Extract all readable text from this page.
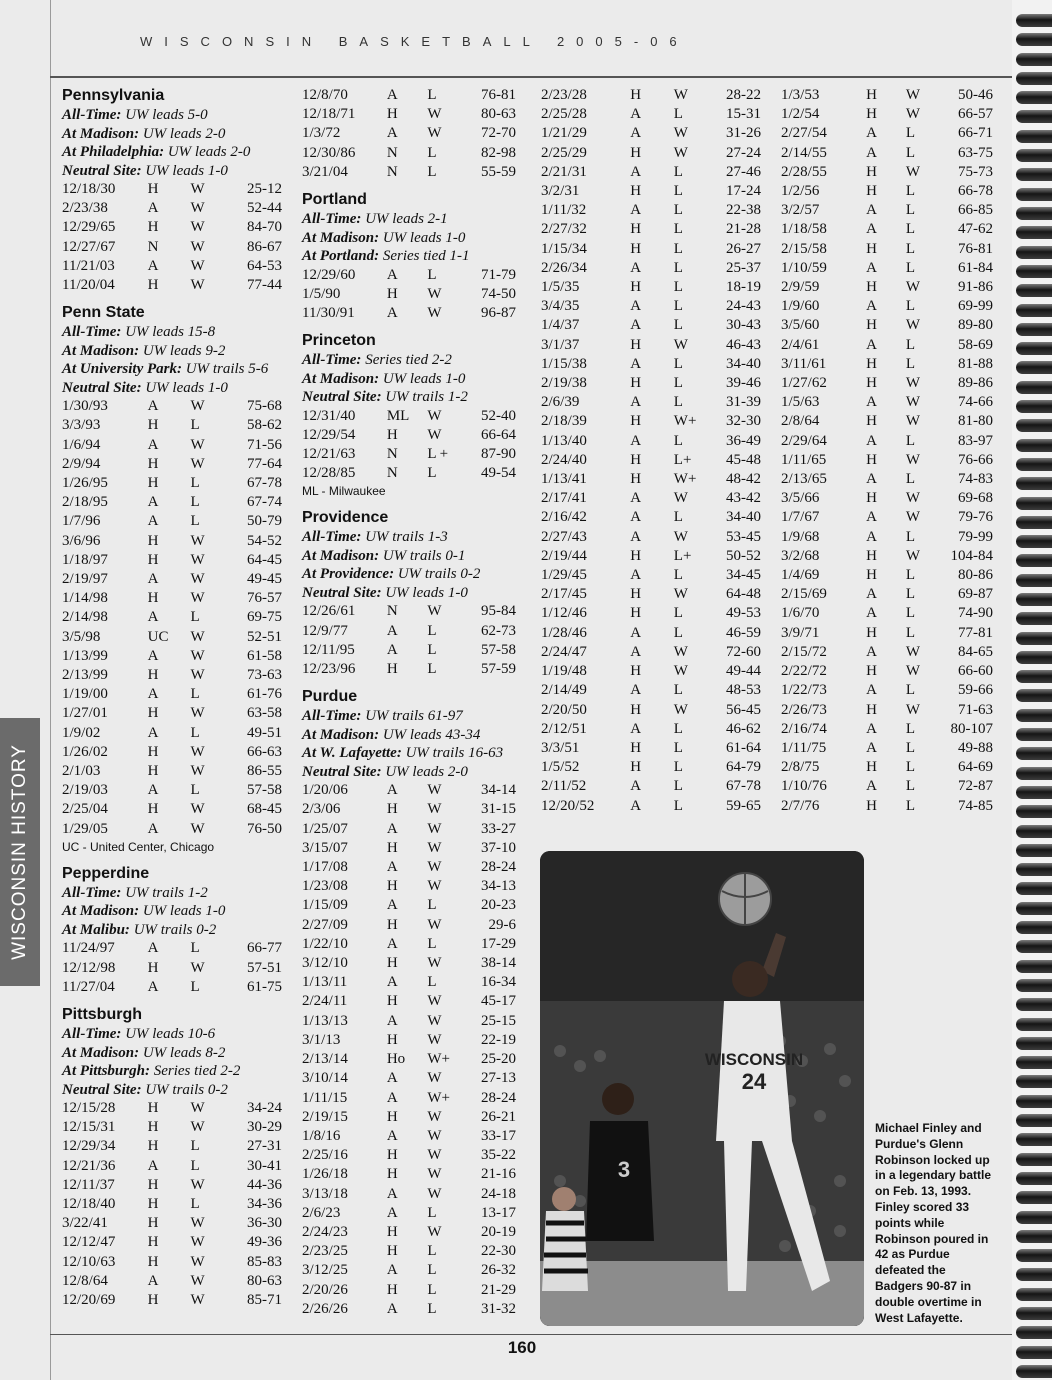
WISCONSIN BASKETBALL 2005-06
WISCONSIN HISTORY
Pennsylvania
All-Time: UW leads 5-0
At Madison: UW leads 2-0
At Philadelphia: UW leads 2-0
Neutral Site: UW leads 1-0
12/18/30	H	W	25-12
2/23/38	A	W	52-44
12/29/65	H	W	84-70
12/27/67	N	W	86-67
11/21/03	A	W	64-53
11/20/04	H	W	77-44
Penn State
All-Time: UW leads 15-8
At Madison: UW leads 9-2
At University Park: UW trails 5-6
Neutral Site: UW leads 1-0
1/30/93	A	W	75-68
3/3/93	H	L	58-62
1/6/94	A	W	71-56
2/9/94	H	W	77-64
1/26/95	H	L	67-78
2/18/95	A	L	67-74
1/7/96	A	L	50-79
3/6/96	H	W	54-52
1/18/97	H	W	64-45
2/19/97	A	W	49-45
1/14/98	H	W	76-57
2/14/98	A	L	69-75
3/5/98	UC	W	52-51
1/13/99	A	W	61-58
2/13/99	H	W	73-63
1/19/00	A	L	61-76
1/27/01	H	W	63-58
1/9/02	A	L	49-51
1/26/02	H	W	66-63
2/1/03	H	W	86-55
2/19/03	A	L	57-58
2/25/04	H	W	68-45
1/29/05	A	W	76-50
UC - United Center, Chicago
Pepperdine
All-Time: UW trails 1-2
At Madison: UW leads 1-0
At Malibu: UW trails 0-2
11/24/97	A	L	66-77
12/12/98	H	W	57-51
11/27/04	A	L	61-75
Pittsburgh
All-Time: UW leads 10-6
At Madison: UW leads 8-2
At Pittsburgh: Series tied 2-2
Neutral Site: UW trails 0-2
12/15/28	H	W	34-24
12/15/31	H	W	30-29
12/29/34	H	L	27-31
12/21/36	A	L	30-41
12/11/37	H	W	44-36
12/18/40	H	L	34-36
3/22/41	H	W	36-30
12/12/47	H	W	49-36
12/10/63	H	W	85-83
12/8/64	A	W	80-63
12/20/69	H	W	85-71
12/8/70	A	L	76-81
12/18/71	H	W	80-63
1/3/72	A	W	72-70
12/30/86	N	L	82-98
3/21/04	N	L	55-59
Portland
All-Time: UW leads 2-1
At Madison: UW leads 1-0
At Portland: Series tied 1-1
12/29/60	A	L	71-79
1/5/90	H	W	74-50
11/30/91	A	W	96-87
Princeton
All-Time: Series tied 2-2
At Madison: UW leads 1-0
Neutral Site: UW trails 1-2
12/31/40	ML	W	52-40
12/29/54	H	W	66-64
12/21/63	N	L +	87-90
12/28/85	N	L	49-54
ML - Milwaukee
Providence
All-Time: UW trails 1-3
At Madison: UW trails 0-1
At Providence: UW trails 0-2
Neutral Site: UW leads 1-0
12/26/61	N	W	95-84
12/9/77	A	L	62-73
12/11/95	A	L	57-58
12/23/96	H	L	57-59
Purdue
All-Time: UW trails 61-97
At Madison: UW leads 43-34
At W. Lafayette: UW trails 16-63
Neutral Site: UW leads 2-0
1/20/06	A	W	34-14
2/3/06	H	W	31-15
1/25/07	A	W	33-27
3/15/07	H	W	37-10
1/17/08	A	W	28-24
1/23/08	H	W	34-13
1/15/09	A	L	20-23
2/27/09	H	W	29-6
1/22/10	A	L	17-29
3/12/10	H	W	38-14
1/13/11	A	L	16-34
2/24/11	H	W	45-17
1/13/13	A	W	25-15
3/1/13	H	W	22-19
2/13/14	Ho	W+	25-20
3/10/14	A	W	27-13
1/11/15	A	W+	28-24
2/19/15	H	W	26-21
1/8/16	A	W	33-17
2/25/16	H	W	35-22
1/26/18	H	W	21-16
3/13/18	A	W	24-18
2/6/23	A	L	13-17
2/24/23	H	W	20-19
2/23/25	H	L	22-30
3/12/25	A	L	26-32
2/20/26	H	L	21-29
2/26/26	A	L	31-32
2/23/28	H	W	28-22
2/25/28	A	L	15-31
1/21/29	A	W	31-26
2/25/29	H	W	27-24
2/21/31	A	L	27-46
3/2/31	H	L	17-24
1/11/32	A	L	22-38
2/27/32	H	L	21-28
1/15/34	H	L	26-27
2/26/34	A	L	25-37
1/5/35	H	L	18-19
3/4/35	A	L	24-43
1/4/37	A	L	30-43
3/1/37	H	W	46-43
1/15/38	A	L	34-40
2/19/38	H	L	39-46
2/6/39	A	L	31-39
2/18/39	H	W+	32-30
1/13/40	A	L	36-49
2/24/40	H	L+	45-48
1/13/41	H	W+	48-42
2/17/41	A	W	43-42
2/16/42	A	L	34-40
2/27/43	A	W	53-45
2/19/44	H	L+	50-52
1/29/45	A	L	34-45
2/17/45	H	W	64-48
1/12/46	H	L	49-53
1/28/46	A	L	46-59
2/24/47	A	W	72-60
1/19/48	H	W	49-44
2/14/49	A	L	48-53
2/20/50	H	W	56-45
2/12/51	A	L	46-62
3/3/51	H	L	61-64
1/5/52	H	L	64-79
2/11/52	A	L	67-78
12/20/52	A	L	59-65
1/3/53	H	W	50-46
1/2/54	H	W	66-57
2/27/54	A	L	66-71
2/14/55	A	L	63-75
2/28/55	H	W	75-73
1/2/56	H	L	66-78
3/2/57	A	L	66-85
1/18/58	A	L	47-62
2/15/58	H	L	76-81
1/10/59	A	L	61-84
2/9/59	H	W	91-86
1/9/60	A	L	69-99
3/5/60	H	W	89-80
2/4/61	A	L	58-69
3/11/61	H	L	81-88
1/27/62	H	W	89-86
1/5/63	A	W	74-66
2/8/64	H	W	81-80
2/29/64	A	L	83-97
1/11/65	H	W	76-66
2/13/65	A	L	74-83
3/5/66	H	W	69-68
1/7/67	A	W	79-76
1/9/68	A	L	79-99
3/2/68	H	W	104-84
1/4/69	H	L	80-86
2/15/69	A	L	69-87
1/6/70	A	L	74-90
3/9/71	H	L	77-81
2/15/72	A	W	84-65
2/22/72	H	W	66-60
1/22/73	A	L	59-66
2/26/73	H	W	71-63
2/16/74	A	L	80-107
1/11/75	A	L	49-88
2/8/75	H	L	64-69
1/10/76	A	L	72-87
2/7/76	H	L	74-85
WISCONSIN
24
3
Michael Finley and Purdue's Glenn Robinson locked up in a legendary battle on Feb. 13, 1993. Finley scored 33 points while Robinson poured in 42 as Purdue defeated the Badgers 90-87 in double overtime in West Lafayette.
160
